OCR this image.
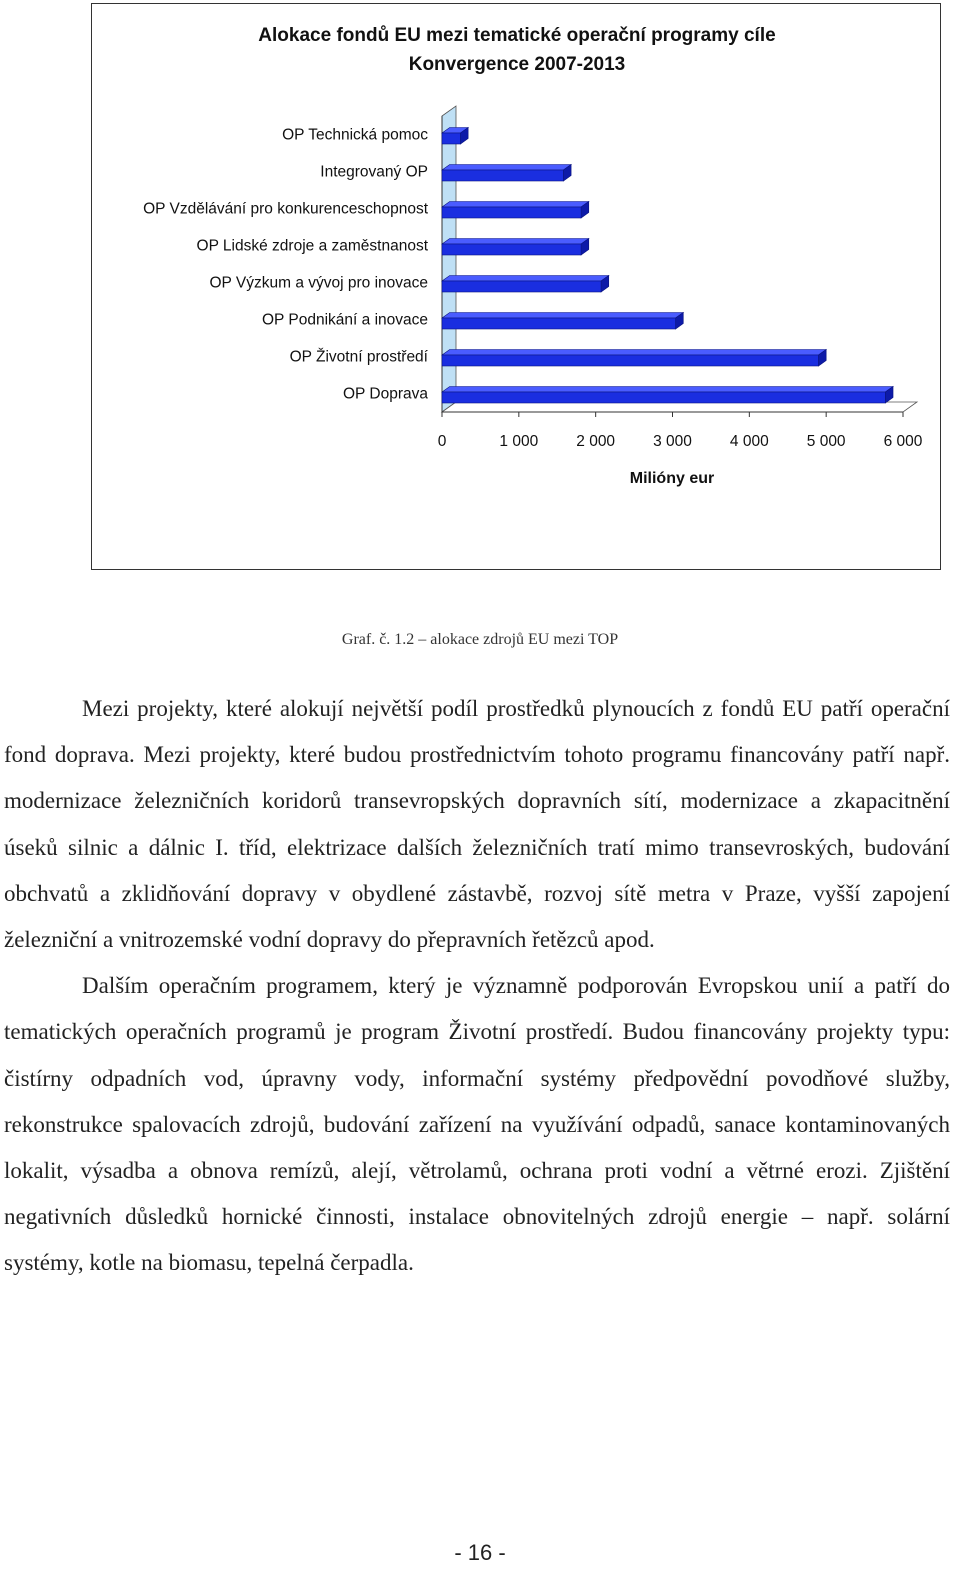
Alokace fondů EU mezi tematické operační programy cíle
Konvergence 2007-2013
0	1 000 2 000 3 000 4 000 5 000 6 000
OP Technická pomoc
Integrovaný OP
OP Vzdělávání pro konkurenceschopnost
OP Lidské zdroje a zaměstnanost
OP Výzkum a vývoj pro inovace
OP Podnikání a inovace
OP Životní prostředí
OP Doprava
Milióny eur
Graf. č. 1.2 – alokace zdrojů EU mezi TOP

Mezi projekty, které alokují největší podíl prostředků plynoucích z fondů EU patří operační fond doprava. Mezi projekty, které budou prostřednictvím tohoto programu financovány patří např. modernizace železničních koridorů transevropských dopravních sítí, modernizace a zkapacitnění úseků silnic a dálnic I. tříd, elektrizace dalších železničních tratí mimo transevroských, budování obchvatů a zklidňování dopravy v obydlené zástavbě, rozvoj sítě metra v Praze, vyšší zapojení železniční a vnitrozemské vodní dopravy do přepravních řetězců apod.

Dalším operačním programem, který je významně podporován Evropskou unií a patří do tematických operačních programů je program Životní prostředí. Budou financovány projekty typu: čistírny odpadních vod, úpravny vody, informační systémy předpovědní povodňové služby, rekonstrukce spalovacích zdrojů, budování zařízení na využívání odpadů, sanace kontaminovaných lokalit, výsadba a obnova remízů, alejí, větrolamů, ochrana proti vodní a větrné erozi. Zjištění negativních důsledků hornické činnosti, instalace obnovitelných zdrojů energie – např. solární systémy, kotle na biomasu, tepelná čerpadla.

- 16 -
